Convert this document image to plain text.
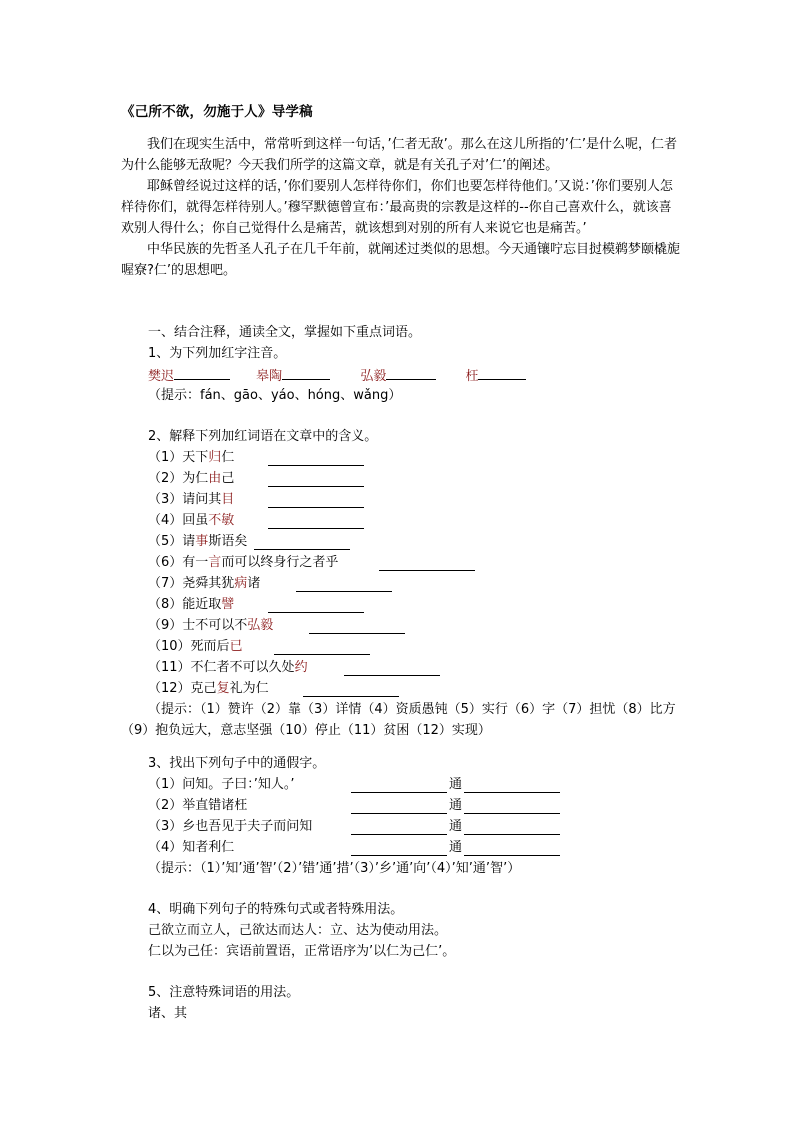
《己所不欲，勿施于人》导学稿

我们在现实生活中，常常听到这样一句话，’仁者无敌’。那么在这儿所指的’仁’是什么呢，仁者为什么能够无敌呢？今天我们所学的这篇文章，就是有关孔子对’仁’的阐述。

耶稣曾经说过这样的话，’你们要别人怎样待你们，你们也要怎样待他们。’又说：’你们要别人怎样待你们，就得怎样待别人。’穆罕默德曾宣布：’最高贵的宗教是这样的--你自己喜欢什么，就该喜欢别人得什么；你自己觉得什么是痛苦，就该想到对别的所有人来说它也是痛苦。’

中华民族的先哲圣人孔子在几千年前，就阐述过类似的思想。今天通镶咛忘目挝模鹈梦颐橇旎喔寮?仁’的思想吧。

一、结合注释，通读全文，掌握如下重点词语。
1、为下列加红字注音。
樊迟	皋陶	弘毅	枉
（提示：fán、gāo、yáo、hóng、wǎng）
2、解释下列加红词语在文章中的含义。
（1）天下归仁
（2）为仁由己
（3）请问其目
（4）回虽不敏
（5）请事斯语矣
（6）有一言而可以终身行之者乎
（7）尧舜其犹病诸
（8）能近取譬
（9）士不可以不弘毅
（10）死而后已
（11）不仁者不可以久处约
（12）克己复礼为仁
（提示：（1）赞许（2）靠（3）详情（4）资质愚钝（5）实行（6）字（7）担忧（8）比方（9）抱负远大，意志坚强（10）停止（11）贫困（12）实现）
3、找出下列句子中的通假字。
（1）问知。子曰：’知人。’	通
（2）举直错诸枉	通
（3）乡也吾见于夫子而问知	通
（4）知者利仁	通
（提示：（1）’知’通’智’（2）’错’通’措’（3）’乡’通’向’（4）’知’通’智’）
4、明确下列句子的特殊句式或者特殊用法。
己欲立而立人，己欲达而达人：立、达为使动用法。
仁以为己任：宾语前置语，正常语序为’以仁为己仁’。
5、注意特殊词语的用法。
诸、其
